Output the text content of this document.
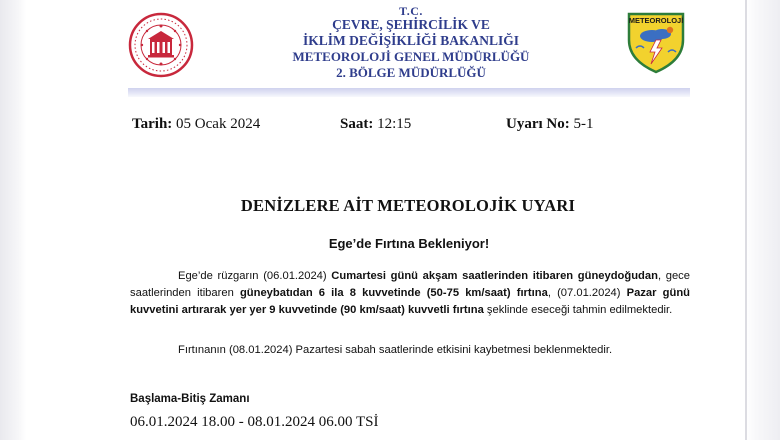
T.C.
ÇEVRE, ŞEHİRCİLİK VE
İKLİM DEĞİŞİKLİĞİ BAKANLIĞI
METEOROLOJİ GENEL MÜDÜRLÜĞÜ
2. BÖLGE MÜDÜRLÜĞÜ
METEOROLOJİ
Tarih: 05 Ocak 2024	Saat: 12:15	Uyarı No: 5-1
DENİZLERE AİT METEOROLOJİK UYARI
Ege’de Fırtına Bekleniyor!
Ege’de rüzgarın (06.01.2024) Cumartesi günü akşam saatlerinden itibaren güneydoğudan, gece saatlerinden itibaren güneybatıdan 6 ila 8 kuvvetinde (50-75 km/saat) fırtına, (07.01.2024) Pazar günü kuvvetini artırarak yer yer 9 kuvvetinde (90 km/saat) kuvvetli fırtına şeklinde eseceği tahmin edilmektedir.
Fırtınanın (08.01.2024) Pazartesi sabah saatlerinde etkisini kaybetmesi beklenmektedir.
Başlama-Bitiş Zamanı
06.01.2024 18.00 - 08.01.2024 06.00 TSİ
